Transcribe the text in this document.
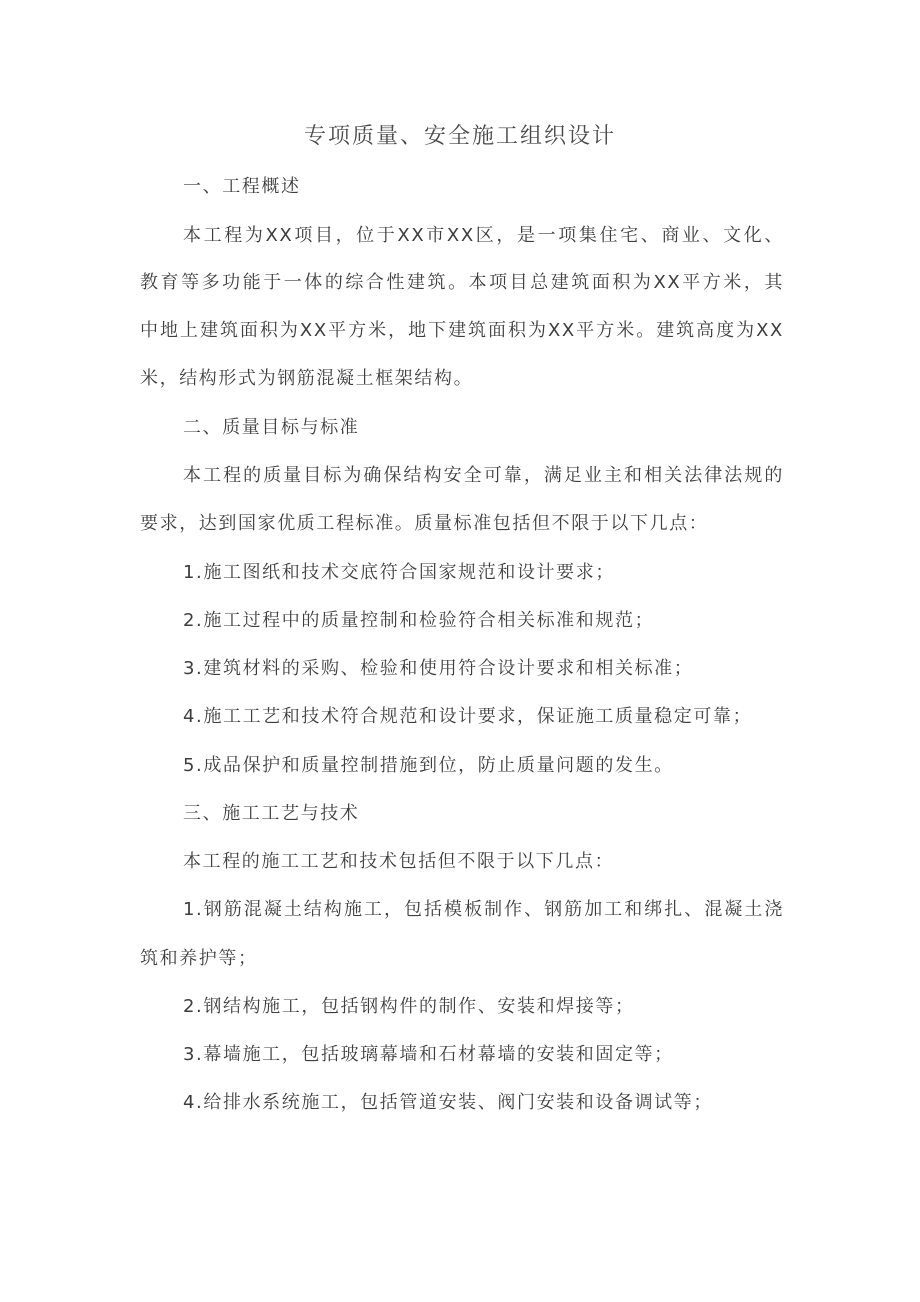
专项质量、安全施工组织设计
一、工程概述
本工程为XX项目，位于XX市XX区，是一项集住宅、商业、文化、
教育等多功能于一体的综合性建筑。本项目总建筑面积为XX平方米，其
中地上建筑面积为XX平方米，地下建筑面积为XX平方米。建筑高度为XX
米，结构形式为钢筋混凝土框架结构。
二、质量目标与标准
本工程的质量目标为确保结构安全可靠，满足业主和相关法律法规的
要求，达到国家优质工程标准。质量标准包括但不限于以下几点：
1.施工图纸和技术交底符合国家规范和设计要求；
2.施工过程中的质量控制和检验符合相关标准和规范；
3.建筑材料的采购、检验和使用符合设计要求和相关标准；
4.施工工艺和技术符合规范和设计要求，保证施工质量稳定可靠；
5.成品保护和质量控制措施到位，防止质量问题的发生。
三、施工工艺与技术
本工程的施工工艺和技术包括但不限于以下几点：
1.钢筋混凝土结构施工，包括模板制作、钢筋加工和绑扎、混凝土浇
筑和养护等；
2.钢结构施工，包括钢构件的制作、安装和焊接等；
3.幕墙施工，包括玻璃幕墙和石材幕墙的安装和固定等；
4.给排水系统施工，包括管道安装、阀门安装和设备调试等；
